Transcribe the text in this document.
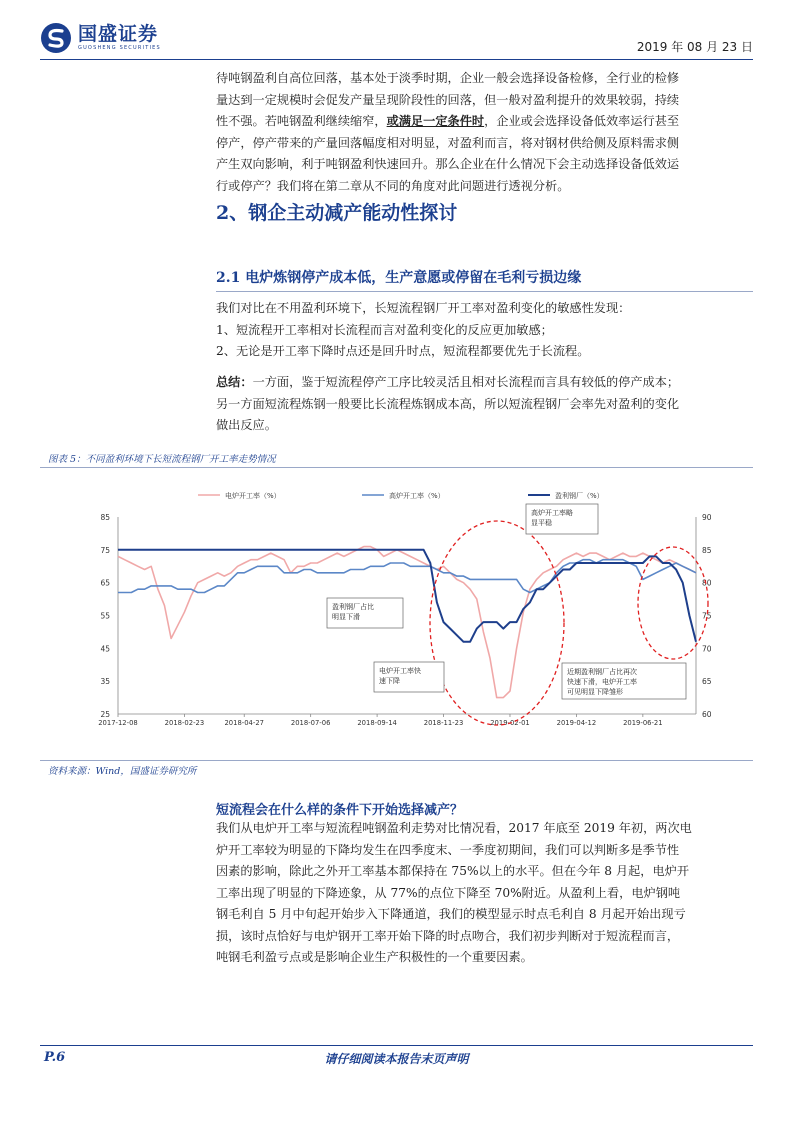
国盛证券
GUOSHENG SECURITIES	2019 年 08 月 23 日
待吨钢盈利自高位回落，基本处于淡季时期，企业一般会选择设备检修，全行业的检修
量达到一定规模时会促发产量呈现阶段性的回落，但一般对盈利提升的效果较弱，持续
性不强。若吨钢盈利继续缩窄，或满足一定条件时，企业或会选择设备低效率运行甚至
停产，停产带来的产量回落幅度相对明显，对盈利而言，将对钢材供给侧及原料需求侧
产生双向影响，利于吨钢盈利快速回升。那么企业在什么情况下会主动选择设备低效运
行或停产？我们将在第二章从不同的角度对此问题进行透视分析。
2、钢企主动减产能动性探讨
2.1 电炉炼钢停产成本低，生产意愿或停留在毛利亏损边缘
我们对比在不用盈利环境下，长短流程钢厂开工率对盈利变化的敏感性发现：
1、短流程开工率相对长流程而言对盈利变化的反应更加敏感；
2、无论是开工率下降时点还是回升时点，短流程都要优先于长流程。
总结：一方面，鉴于短流程停产工序比较灵活且相对长流程而言具有较低的停产成本；
另一方面短流程炼钢一般要比长流程炼钢成本高，所以短流程钢厂会率先对盈利的变化
做出反应。
图表 5：不同盈利环境下长短流程钢厂开工率走势情况
电炉开工率（%）	高炉开工率（%）	盈利钢厂（%）
25
35
45
55
65
75
85
60
65
70
75
80
85
90
2017-12-08	2018-02-23	2018-04-27	2018-07-06	2018-09-14	2018-11-23	2019-02-01	2019-04-12	2019-06-21
高炉开工率略
显平稳
盈利钢厂占比
明显下滑
电炉开工率快
速下降
近期盈利钢厂占比再次
快速下滑，电炉开工率
可见明显下降雏形
资料来源：Wind，国盛证券研究所
短流程会在什么样的条件下开始选择减产？
我们从电炉开工率与短流程吨钢盈利走势对比情况看，2017 年底至 2019 年初，两次电
炉开工率较为明显的下降均发生在四季度末、一季度初期间，我们可以判断多是季节性
因素的影响，除此之外开工率基本都保持在 75%以上的水平。但在今年 8 月起，电炉开
工率出现了明显的下降迹象，从 77%的点位下降至 70%附近。从盈利上看，电炉钢吨
钢毛利自 5 月中旬起开始步入下降通道，我们的模型显示时点毛利自 8 月起开始出现亏
损，该时点恰好与电炉钢开工率开始下降的时点吻合，我们初步判断对于短流程而言，
吨钢毛利盈亏点或是影响企业生产积极性的一个重要因素。
P.6	请仔细阅读本报告末页声明
